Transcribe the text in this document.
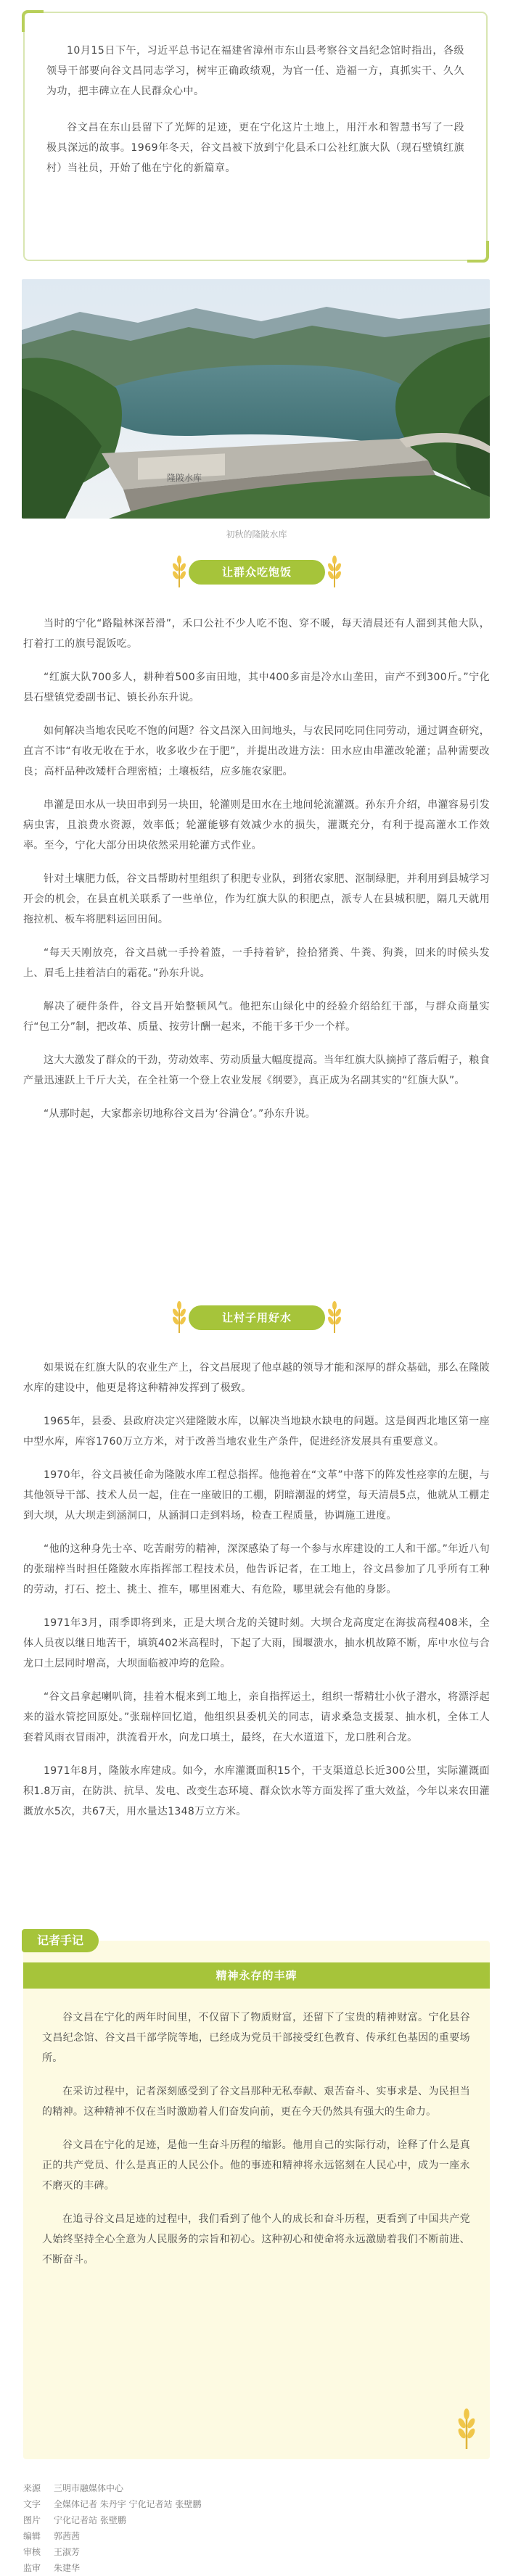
10月15日下午，习近平总书记在福建省漳州市东山县考察谷文昌纪念馆时指出，各级领导干部要向谷文昌同志学习，树牢正确政绩观，为官一任、造福一方，真抓实干、久久为功，把丰碑立在人民群众心中。

谷文昌在东山县留下了光辉的足迹，更在宁化这片土地上，用汗水和智慧书写了一段极具深远的故事。1969年冬天，谷文昌被下放到宁化县禾口公社红旗大队（现石壁镇红旗村）当社员，开始了他在宁化的新篇章。

隆陂水库
初秋的隆陂水库
让群众吃饱饭

当时的宁化“路隘林深苔滑”，禾口公社不少人吃不饱、穿不暖，每天清晨还有人溜到其他大队，打着打工的旗号混饭吃。

“红旗大队700多人，耕种着500多亩田地，其中400多亩是冷水山垄田，亩产不到300斤。”宁化县石壁镇党委副书记、镇长孙东升说。

如何解决当地农民吃不饱的问题？谷文昌深入田间地头，与农民同吃同住同劳动，通过调查研究，直言不讳“有收无收在于水，收多收少在于肥”，并提出改进方法：田水应由串灌改轮灌；品种需要改良；高杆品种改矮杆合理密植；土壤板结，应多施农家肥。

串灌是田水从一块田串到另一块田，轮灌则是田水在土地间轮流灌溉。孙东升介绍，串灌容易引发病虫害，且浪费水资源，效率低；轮灌能够有效减少水的损失，灌溉充分，有利于提高灌水工作效率。至今，宁化大部分田块依然采用轮灌方式作业。

针对土壤肥力低，谷文昌帮助村里组织了积肥专业队，到猪农家肥、沤制绿肥，并利用到县城学习开会的机会，在县直机关联系了一些单位，作为红旗大队的积肥点，派专人在县城积肥，隔几天就用拖拉机、板车将肥料运回田间。

“每天天刚放亮，谷文昌就一手拎着篮，一手持着铲，捡拾猪粪、牛粪、狗粪，回来的时候头发上、眉毛上挂着洁白的霜花。”孙东升说。

解决了硬件条件，谷文昌开始整顿风气。他把东山绿化中的经验介绍给红干部，与群众商量实行“包工分”制，把改革、质量、按劳计酬一起来，不能干多干少一个样。

这大大激发了群众的干劲，劳动效率、劳动质量大幅度提高。当年红旗大队摘掉了落后帽子，粮食产量迅速跃上千斤大关，在全社第一个登上农业发展《纲要》，真正成为名副其实的“红旗大队”。

“从那时起，大家都亲切地称谷文昌为‘谷满仓’。”孙东升说。

让村子用好水

如果说在红旗大队的农业生产上，谷文昌展现了他卓越的领导才能和深厚的群众基础，那么在隆陂水库的建设中，他更是将这种精神发挥到了极致。

1965年，县委、县政府决定兴建隆陂水库，以解决当地缺水缺电的问题。这是闽西北地区第一座中型水库，库容1760万立方米，对于改善当地农业生产条件，促进经济发展具有重要意义。

1970年，谷文昌被任命为隆陂水库工程总指挥。他拖着在“文革”中落下的阵发性痉挛的左腿，与其他领导干部、技术人员一起，住在一座破旧的工棚，阴暗潮湿的烤堂，每天清晨5点，他就从工棚走到大坝，从大坝走到涵洞口，从涵洞口走到料场，检查工程质量，协调施工进度。

“他的这种身先士卒、吃苦耐劳的精神，深深感染了每一个参与水库建设的工人和干部。”年近八旬的张瑞梓当时担任隆陂水库指挥部工程技术员，他告诉记者，在工地上，谷文昌参加了几乎所有工种的劳动，打石、挖土、挑土、推车，哪里困难大、有危险，哪里就会有他的身影。

1971年3月，雨季即将到来，正是大坝合龙的关键时刻。大坝合龙高度定在海拔高程408米，全体人员夜以继日地苦干，填筑402米高程时，下起了大雨，围堰溃水，抽水机故障不断，库中水位与合龙口土层同时增高，大坝面临被冲垮的危险。

“谷文昌拿起喇叭筒，挂着木棍来到工地上，亲自指挥运土，组织一帮精壮小伙子潜水，将漂浮起来的溢水管挖回原处。”张瑞梓回忆道，他组织县委机关的同志，请求桑急支援泵、抽水机，全体工人套着风雨衣冒雨冲，洪流看开水，向龙口填土，最终，在大水道道下，龙口胜利合龙。

1971年8月，隆陂水库建成。如今，水库灌溉面积15个，干支渠道总长近300公里，实际灌溉面积1.8万亩，在防洪、抗旱、发电、改变生态环境、群众饮水等方面发挥了重大效益，今年以来农田灌溉放水5次，共67天，用水量达1348万立方米。

记者手记
精神永存的丰碑

谷文昌在宁化的两年时间里，不仅留下了物质财富，还留下了宝贵的精神财富。宁化县谷文昌纪念馆、谷文昌干部学院等地，已经成为党员干部接受红色教育、传承红色基因的重要场所。

在采访过程中，记者深刻感受到了谷文昌那种无私奉献、艰苦奋斗、实事求是、为民担当的精神。这种精神不仅在当时激励着人们奋发向前，更在今天仍然具有强大的生命力。

谷文昌在宁化的足迹，是他一生奋斗历程的缩影。他用自己的实际行动，诠释了什么是真正的共产党员、什么是真正的人民公仆。他的事迹和精神将永远铭刻在人民心中，成为一座永不磨灭的丰碑。

在追寻谷文昌足迹的过程中，我们看到了他个人的成长和奋斗历程，更看到了中国共产党人始终坚持全心全意为人民服务的宗旨和初心。这种初心和使命将永远激励着我们不断前进、不断奋斗。

来源 三明市融媒体中心
文字 全媒体记者 朱丹宇 宁化记者站 张壁鹏
图片 宁化记者站 张壁鹏
编辑 郭茜茜
审核 王淑芳
监审 朱建华
